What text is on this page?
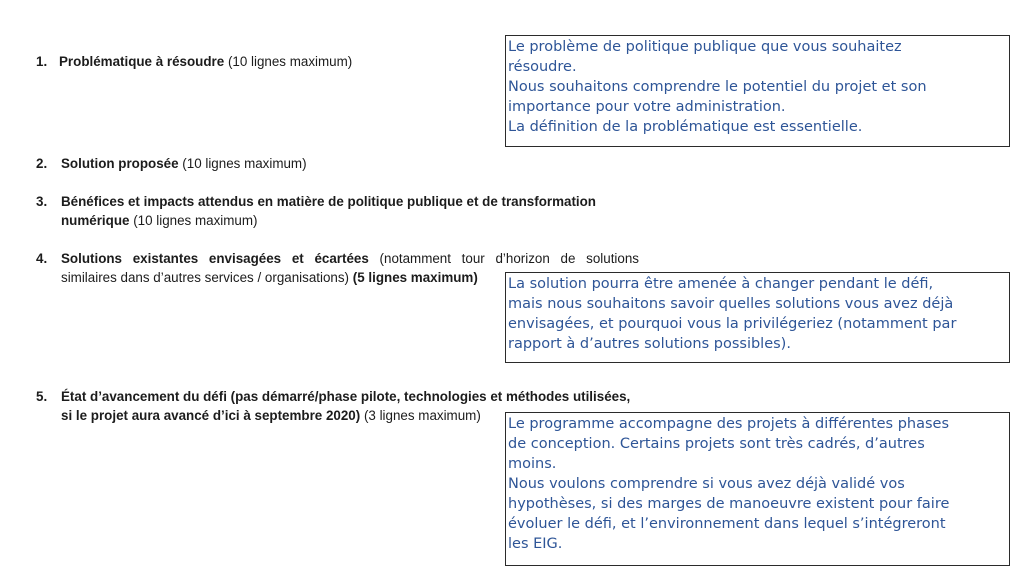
1. Problématique à résoudre (10 lignes maximum)
2. Solution proposée (10 lignes maximum)
3. Bénéfices et impacts attendus en matière de politique publique et de transformation
numérique (10 lignes maximum)
4. Solutions existantes envisagées et écartées (notamment tour d’horizon de solutions
similaires dans d’autres services / organisations) (5 lignes maximum)
5. État d’avancement du défi (pas démarré/phase pilote, technologies et méthodes utilisées,
si le projet aura avancé d’ici à septembre 2020) (3 lignes maximum)
Le problème de politique publique que vous souhaitez
résoudre.
Nous souhaitons comprendre le potentiel du projet et son
importance pour votre administration.
La définition de la problématique est essentielle.
La solution pourra être amenée à changer pendant le défi,
mais nous souhaitons savoir quelles solutions vous avez déjà
envisagées, et pourquoi vous la privilégeriez (notamment par
rapport à d’autres solutions possibles).
Le programme accompagne des projets à différentes phases
de conception. Certains projets sont très cadrés, d’autres
moins.
Nous voulons comprendre si vous avez déjà validé vos
hypothèses, si des marges de manoeuvre existent pour faire
évoluer le défi, et l’environnement dans lequel s’intégreront
les EIG.
